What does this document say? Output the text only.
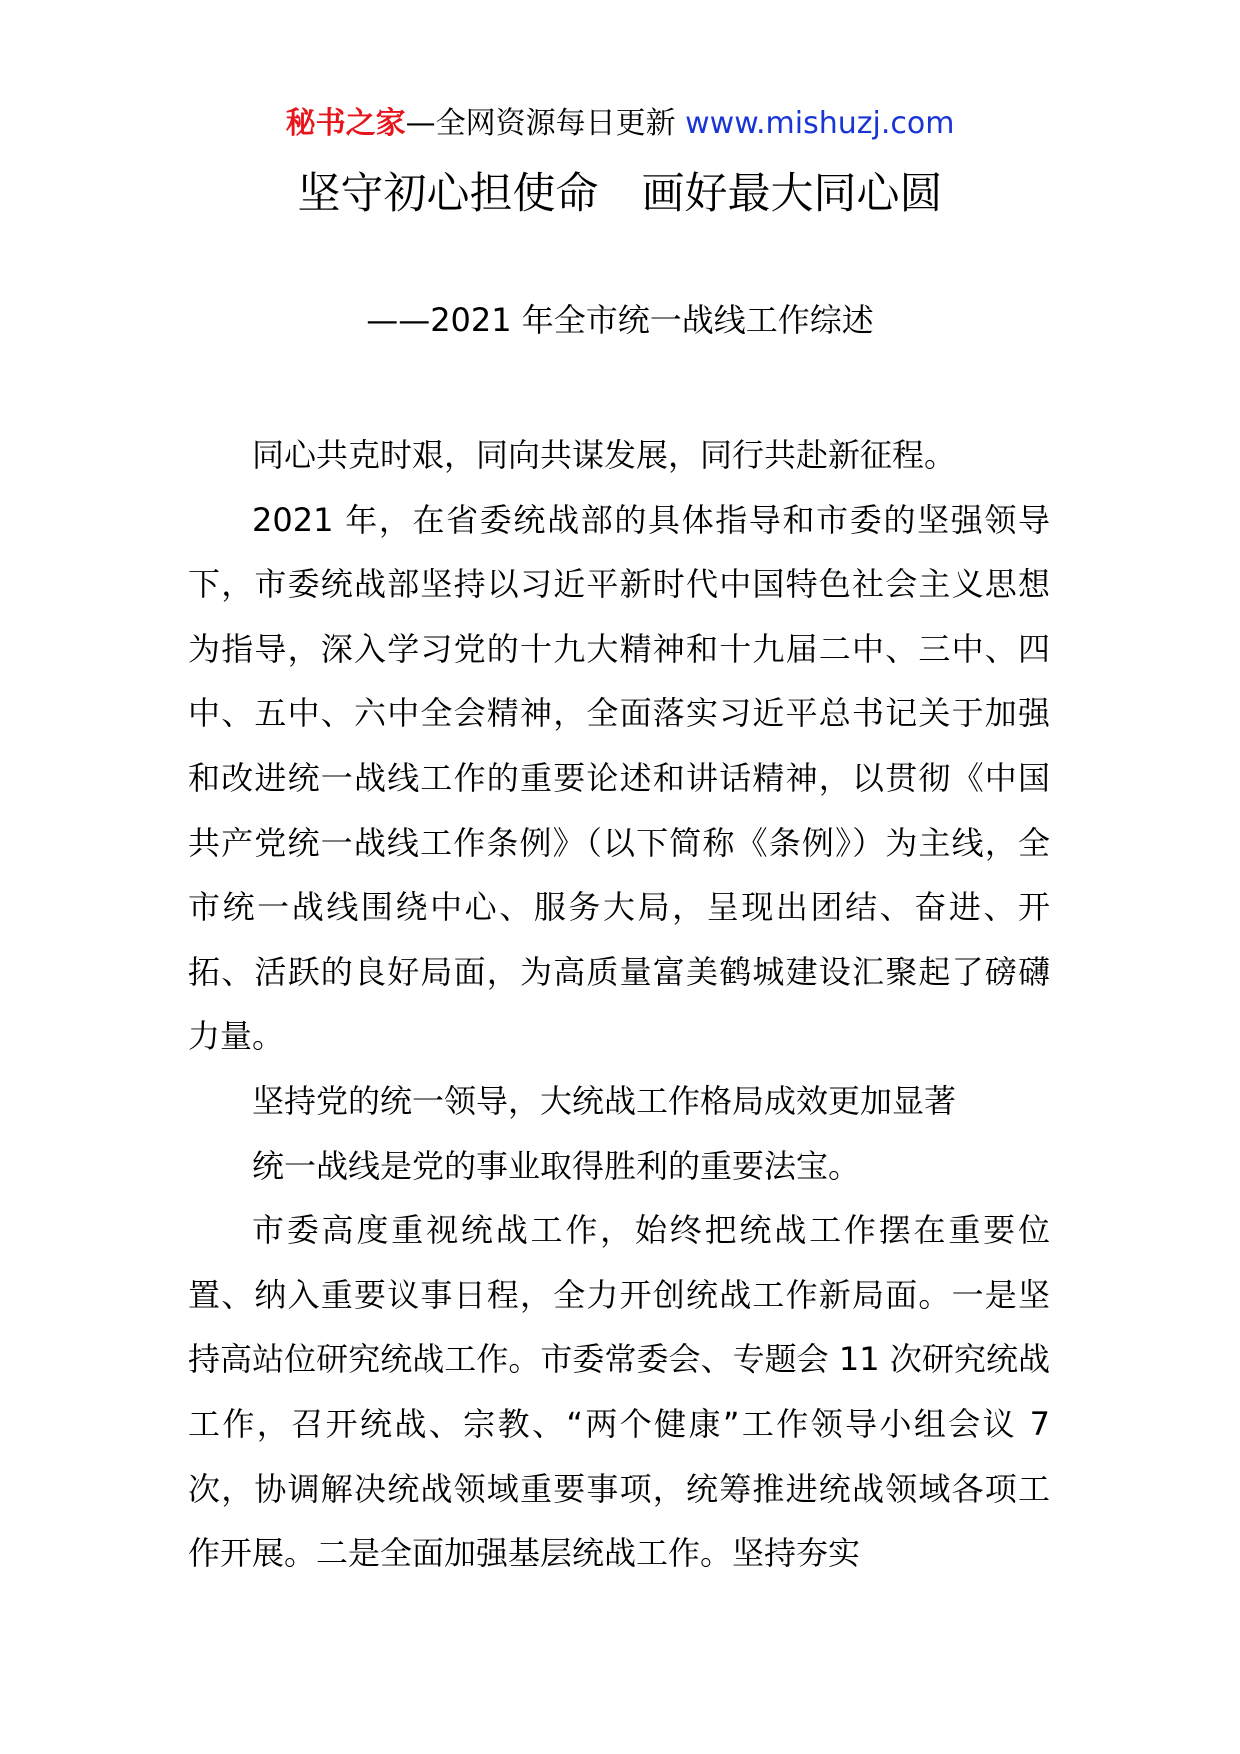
秘书之家—全网资源每日更新 www.mishuzj.com
坚守初心担使命　画好最大同心圆
——2021 年全市统一战线工作综述

同心共克时艰，同向共谋发展，同行共赴新征程。

2021 年，在省委统战部的具体指导和市委的坚强领导下，市委统战部坚持以习近平新时代中国特色社会主义思想为指导，深入学习党的十九大精神和十九届二中、三中、四中、五中、六中全会精神，全面落实习近平总书记关于加强和改进统一战线工作的重要论述和讲话精神，以贯彻《中国共产党统一战线工作条例》（以下简称《条例》）为主线，全市统一战线围绕中心、服务大局，呈现出团结、奋进、开拓、活跃的良好局面，为高质量富美鹤城建设汇聚起了磅礴力量。

坚持党的统一领导，大统战工作格局成效更加显著

统一战线是党的事业取得胜利的重要法宝。

市委高度重视统战工作，始终把统战工作摆在重要位置、纳入重要议事日程，全力开创统战工作新局面。一是坚持高站位研究统战工作。市委常委会、专题会 11 次研究统战工作，召开统战、宗教、“两个健康”工作领导小组会议 7 次，协调解决统战领域重要事项，统筹推进统战领域各项工作开展。二是全面加强基层统战工作。坚持夯实
